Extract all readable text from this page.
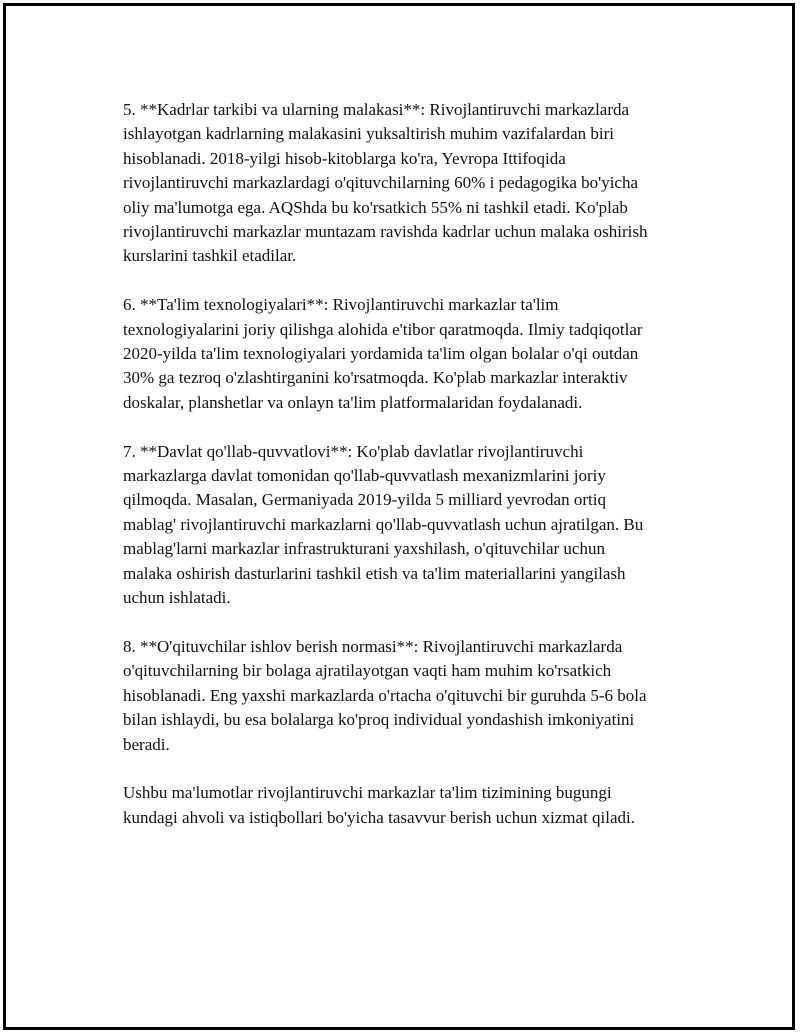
5. **Kadrlar tarkibi va ularning malakasi**: Rivojlantiruvchi markazlarda
ishlayotgan kadrlarning malakasini yuksaltirish muhim vazifalardan biri
hisoblanadi. 2018-yilgi hisob-kitoblarga ko'ra, Yevropa Ittifoqida
rivojlantiruvchi markazlardagi o'qituvchilarning 60% i pedagogika bo'yicha
oliy ma'lumotga ega. AQShda bu ko'rsatkich 55% ni tashkil etadi. Ko'plab
rivojlantiruvchi markazlar muntazam ravishda kadrlar uchun malaka oshirish
kurslarini tashkil etadilar.

6. **Ta'lim texnologiyalari**: Rivojlantiruvchi markazlar ta'lim
texnologiyalarini joriy qilishga alohida e'tibor qaratmoqda. Ilmiy tadqiqotlar
2020-yilda ta'lim texnologiyalari yordamida ta'lim olgan bolalar o'qi outdan
30% ga tezroq o'zlashtirganini ko'rsatmoqda. Ko'plab markazlar interaktiv
doskalar, planshetlar va onlayn ta'lim platformalaridan foydalanadi.

7. **Davlat qo'llab-quvvatlovi**: Ko'plab davlatlar rivojlantiruvchi
markazlarga davlat tomonidan qo'llab-quvvatlash mexanizmlarini joriy
qilmoqda. Masalan, Germaniyada 2019-yilda 5 milliard yevrodan ortiq
mablag' rivojlantiruvchi markazlarni qo'llab-quvvatlash uchun ajratilgan. Bu
mablag'larni markazlar infrastrukturani yaxshilash, o'qituvchilar uchun
malaka oshirish dasturlarini tashkil etish va ta'lim materiallarini yangilash
uchun ishlatadi.

8. **O'qituvchilar ishlov berish normasi**: Rivojlantiruvchi markazlarda
o'qituvchilarning bir bolaga ajratilayotgan vaqti ham muhim ko'rsatkich
hisoblanadi. Eng yaxshi markazlarda o'rtacha o'qituvchi bir guruhda 5-6 bola
bilan ishlaydi, bu esa bolalarga ko'proq individual yondashish imkoniyatini
beradi.

Ushbu ma'lumotlar rivojlantiruvchi markazlar ta'lim tizimining bugungi
kundagi ahvoli va istiqbollari bo'yicha tasavvur berish uchun xizmat qiladi.
